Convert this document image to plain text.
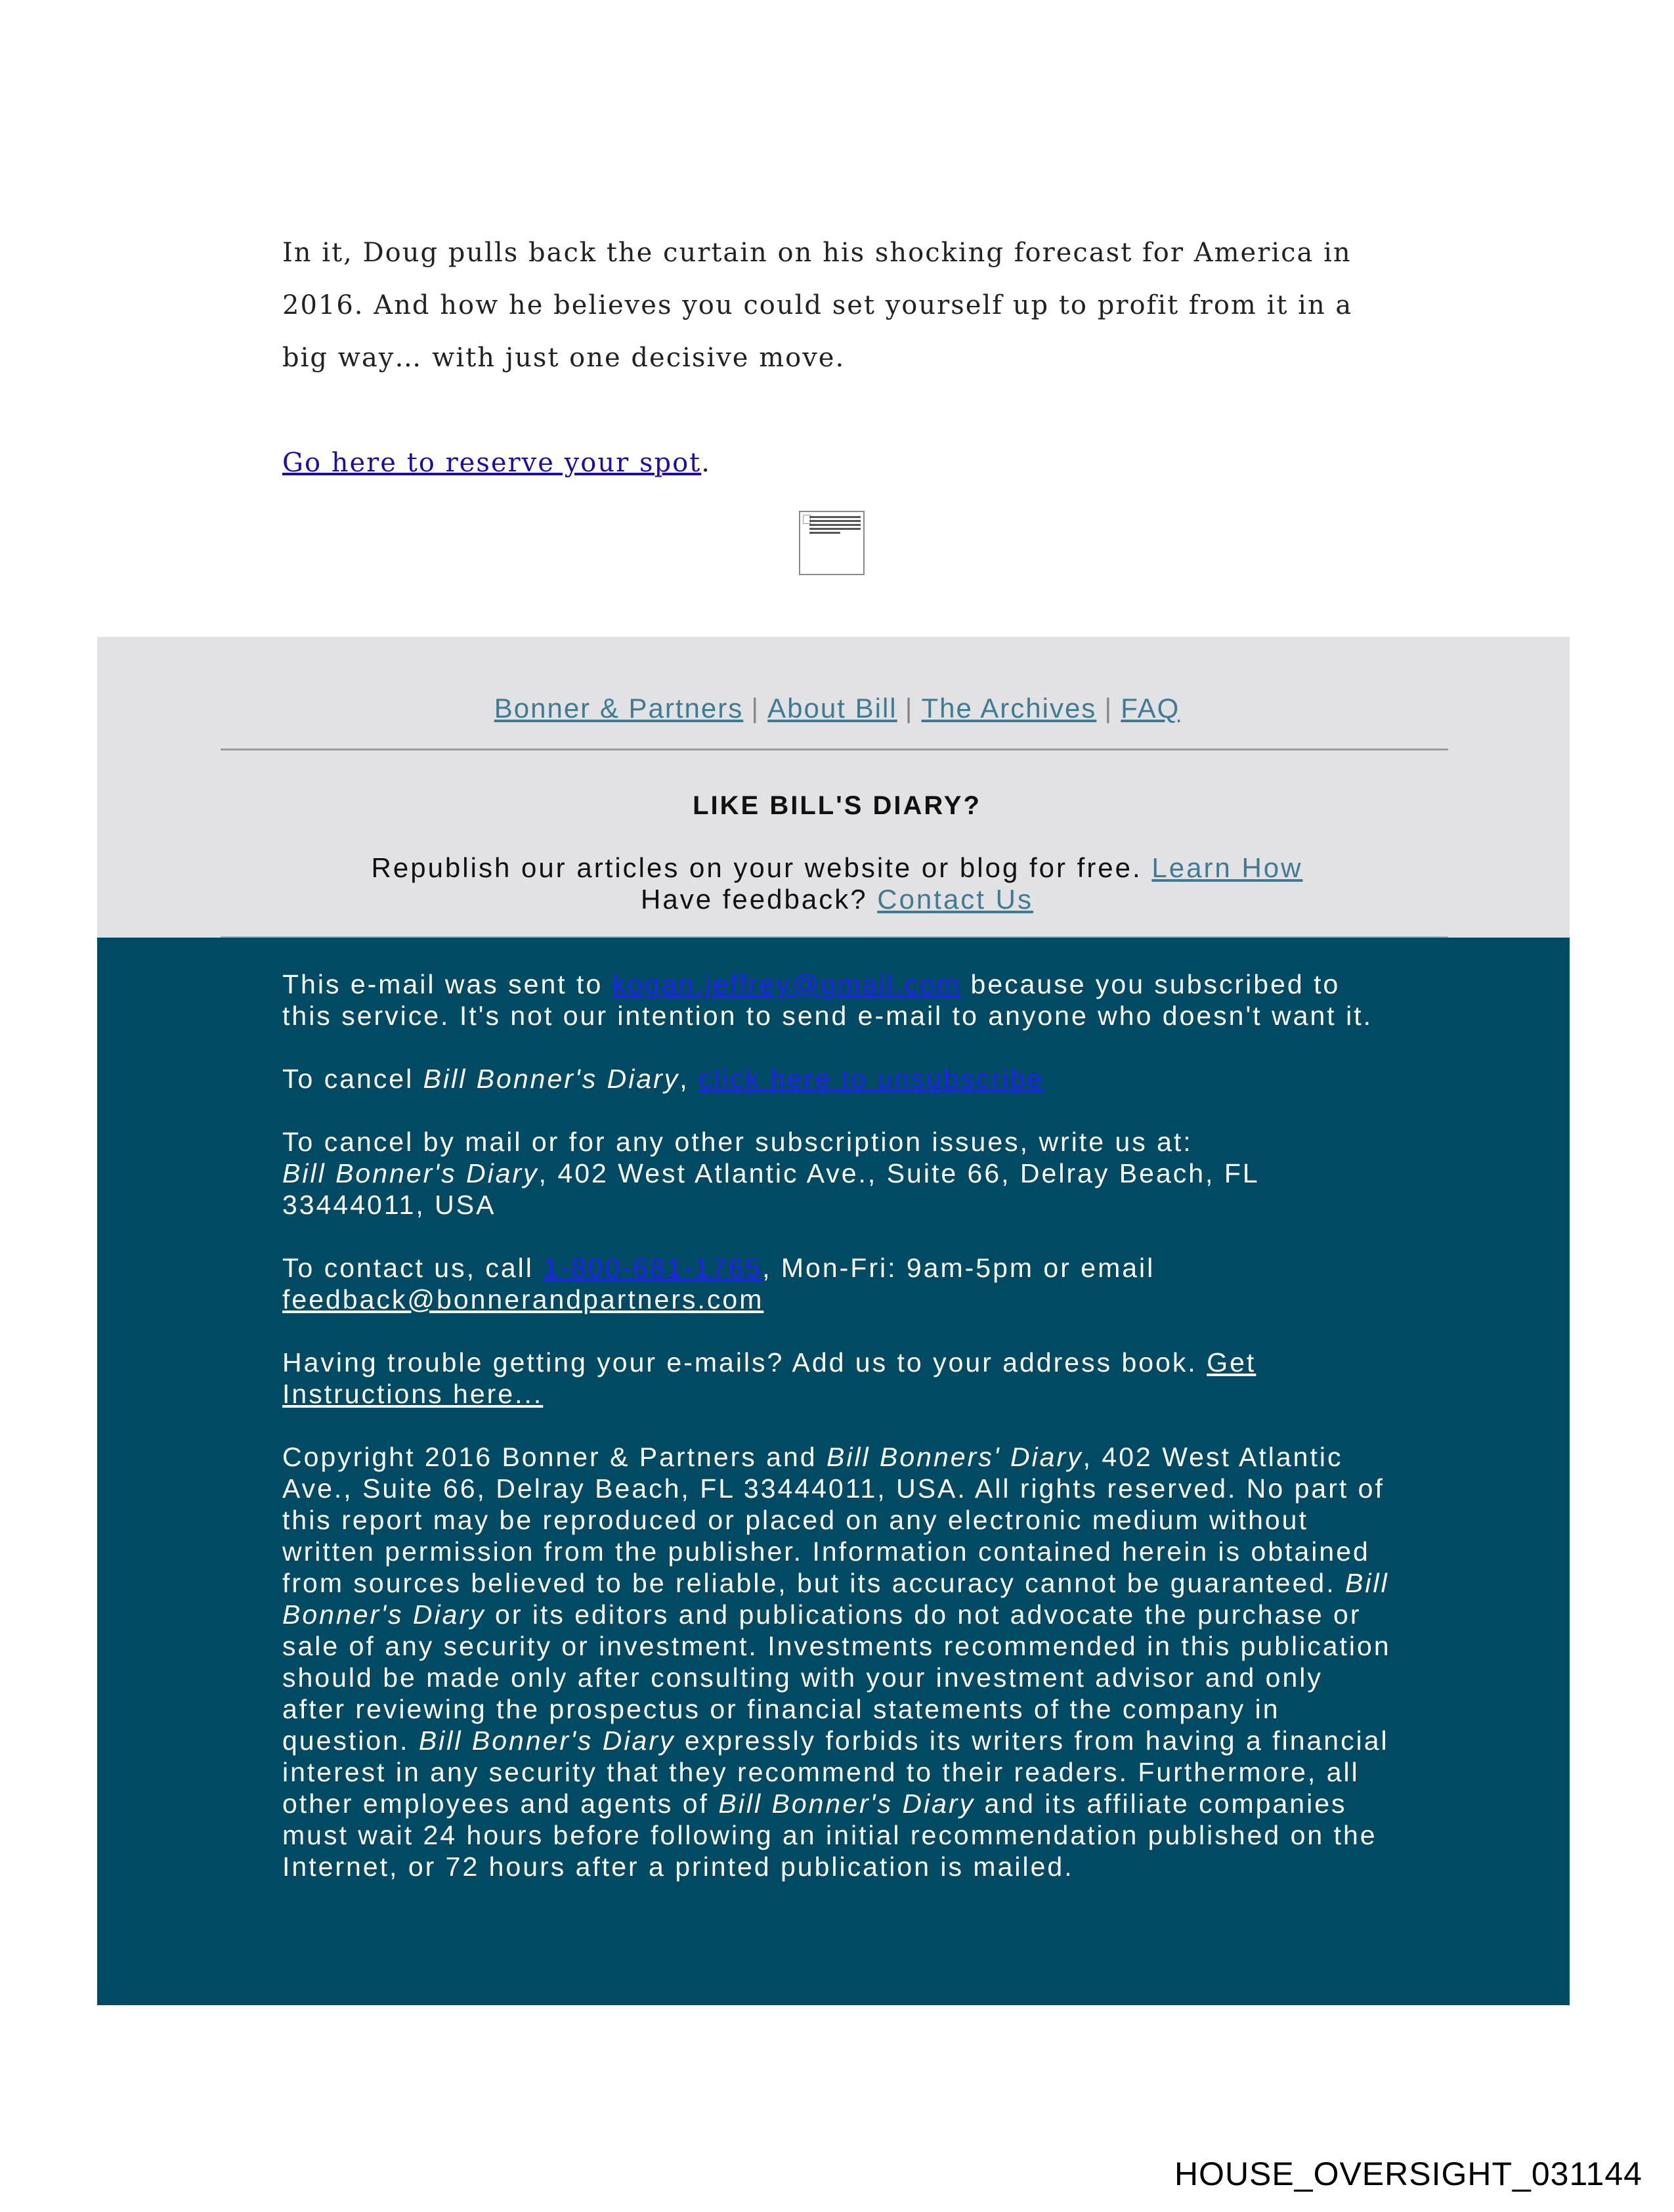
In it, Doug pulls back the curtain on his shocking forecast for America in 2016. And how he believes you could set yourself up to profit from it in a big way… with just one decisive move.

Go here to reserve your spot.
Bonner & Partners | About Bill | The Archives | FAQ
LIKE BILL'S DIARY?
Republish our articles on your website or blog for free. Learn How
Have feedback? Contact Us

This e-mail was sent to kogan.jeffrey@gmail.com because you subscribed to this service. It's not our intention to send e-mail to anyone who doesn't want it.

To cancel Bill Bonner's Diary, click here to unsubscribe

To cancel by mail or for any other subscription issues, write us at:
Bill Bonner's Diary, 402 West Atlantic Ave., Suite 66, Delray Beach, FL 33444011, USA

To contact us, call 1-800-681-1765, Mon-Fri: 9am-5pm or email
feedback@bonnerandpartners.com

Having trouble getting your e-mails? Add us to your address book. Get Instructions here...

Copyright 2016 Bonner & Partners and Bill Bonners' Diary, 402 West Atlantic Ave., Suite 66, Delray Beach, FL 33444011, USA. All rights reserved. No part of this report may be reproduced or placed on any electronic medium without written permission from the publisher. Information contained herein is obtained from sources believed to be reliable, but its accuracy cannot be guaranteed. Bill Bonner's Diary or its editors and publications do not advocate the purchase or sale of any security or investment. Investments recommended in this publication should be made only after consulting with your investment advisor and only after reviewing the prospectus or financial statements of the company in question. Bill Bonner's Diary expressly forbids its writers from having a financial interest in any security that they recommend to their readers. Furthermore, all other employees and agents of Bill Bonner's Diary and its affiliate companies must wait 24 hours before following an initial recommendation published on the Internet, or 72 hours after a printed publication is mailed.

HOUSE_OVERSIGHT_031144
